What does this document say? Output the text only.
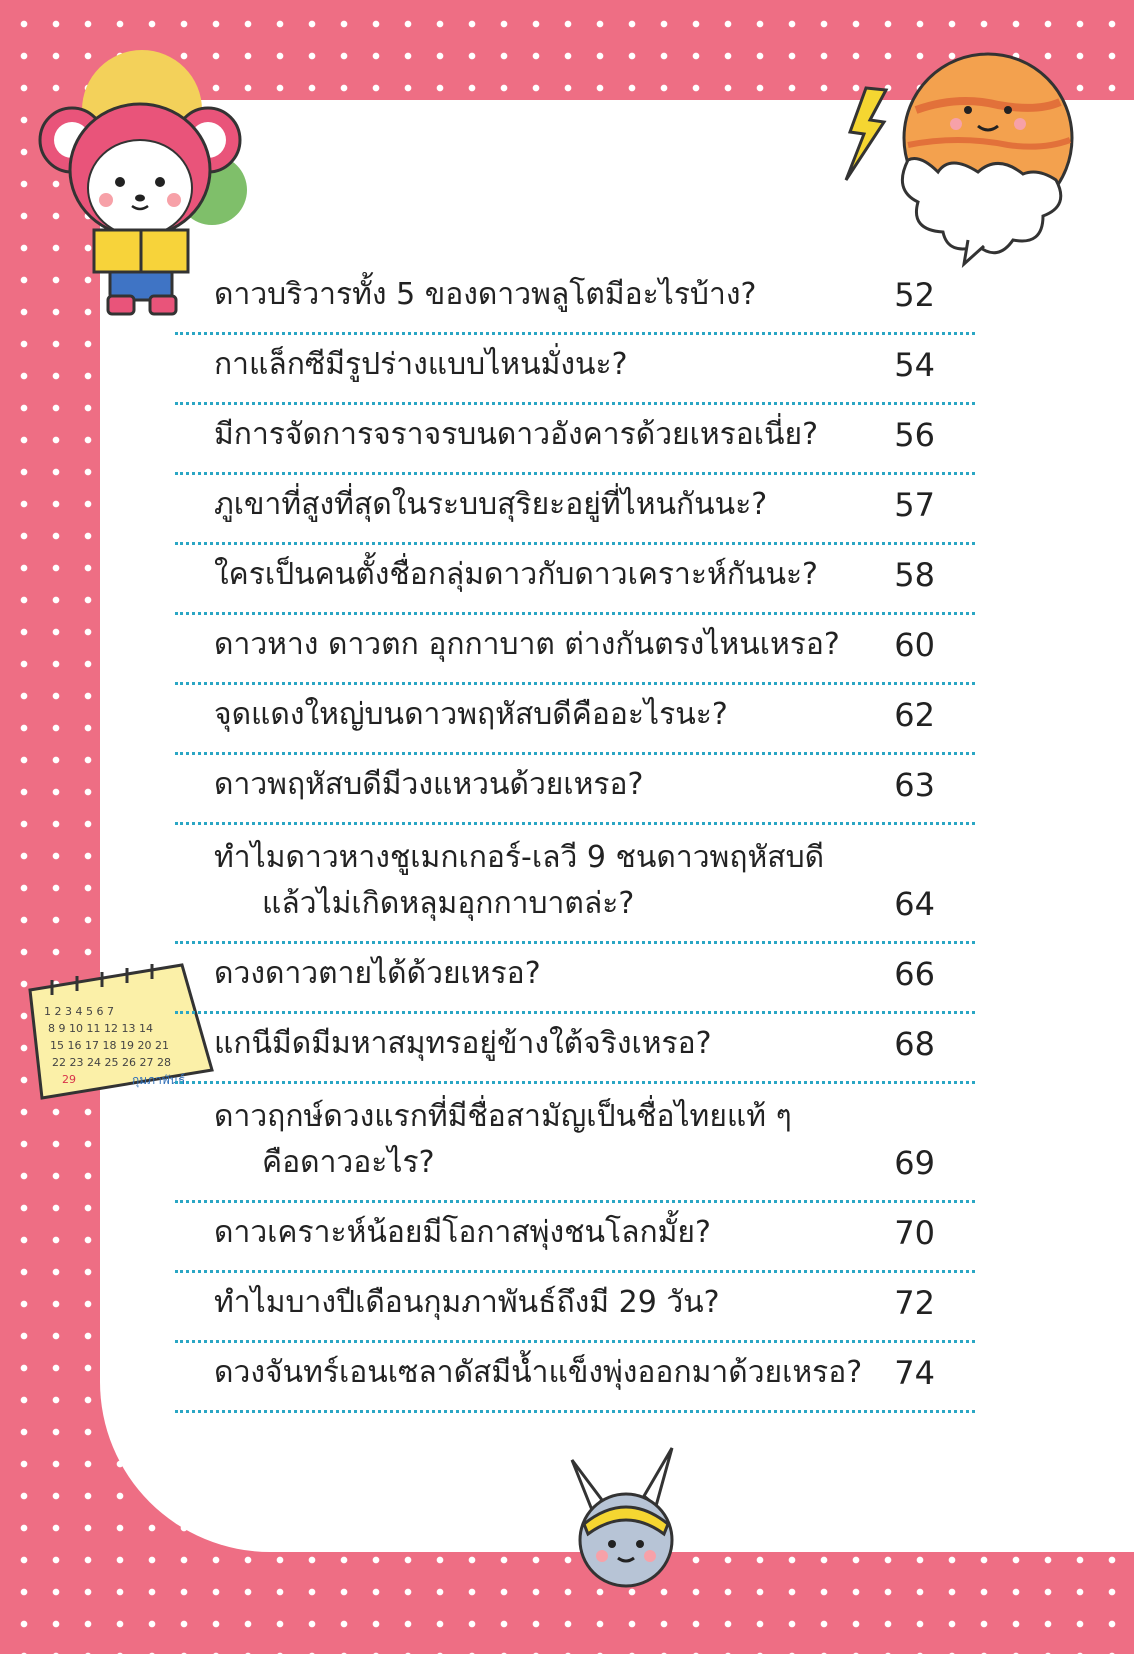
1 2 3 4 5 6 7
8 9 10 11 12 13 14
15 16 17 18 19 20 21
22 23 24 25 26 27 28
29	กุมภาพันธ์
ดาวบริวารทั้ง 5 ของดาวพลูโตมีอะไรบ้าง?	52
กาแล็กซีมีรูปร่างแบบไหนมั่งนะ?	54
มีการจัดการจราจรบนดาวอังคารด้วยเหรอเนี่ย?	56
ภูเขาที่สูงที่สุดในระบบสุริยะอยู่ที่ไหนกันนะ?	57
ใครเป็นคนตั้งชื่อกลุ่มดาวกับดาวเคราะห์กันนะ?	58
ดาวหาง ดาวตก อุกกาบาต ต่างกันตรงไหนเหรอ?	60
จุดแดงใหญ่บนดาวพฤหัสบดีคืออะไรนะ?	62
ดาวพฤหัสบดีมีวงแหวนด้วยเหรอ?	63
ทำไมดาวหางชูเมกเกอร์-เลวี 9 ชนดาวพฤหัสบดี
แล้วไม่เกิดหลุมอุกกาบาตล่ะ?	64
ดวงดาวตายได้ด้วยเหรอ?	66
แกนีมีดมีมหาสมุทรอยู่ข้างใต้จริงเหรอ?	68
ดาวฤกษ์ดวงแรกที่มีชื่อสามัญเป็นชื่อไทยแท้ ๆ
คือดาวอะไร?	69
ดาวเคราะห์น้อยมีโอกาสพุ่งชนโลกมั้ย?	70
ทำไมบางปีเดือนกุมภาพันธ์ถึงมี 29 วัน?	72
ดวงจันทร์เอนเซลาดัสมีน้ำแข็งพุ่งออกมาด้วยเหรอ?	74
